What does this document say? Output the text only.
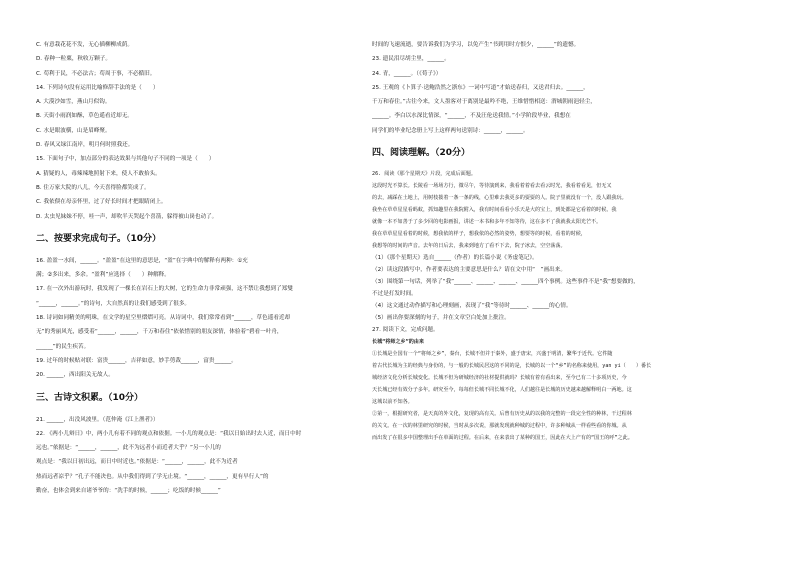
C. 有意栽花花不发，无心插柳柳成荫。
D. 春种一粒粟，秋收万颗子。
C. 苟利于民，不必法古；苟周于事，不必循旧。
14. 下列诗句没有运用比喻修辞手法的是（　　）
A. 大漠沙如雪，燕山月似钩。
B. 天街小雨润如酥，草色遥看近却无。
C. 水是眼波横，山是眉峰聚。
D. 春风又绿江南岸，明月何时照我还。
15. 下面句子中，加点部分的表达效果与其他句子不同的一项是（　　）
A. 猜疑的人，毒辣辣地照射下来，使人不敢抬头。
B. 住万家大院的八儿，今天喜得脸都笑成了。
C. 我依偎在母亲怀里，过了好长时间才把眼睛闭上。
D. 太虫见妹妹不停，哇一声，却吹半天哭起个喜箭，躲得被山岗也动了。
二、按要求完成句子。（10分）
16. 盈盈一水间，______。“盈盈”在这里的意思是，“盈”在字典中的解释有两种：①充
满；②多出来，多余。“盈利”应选择（　　）种解释。
17. 在一次外出游玩时，我发现了一棵长在岩石上的大树，它的生命力非常顽强，这不禁让我想到了郑燮
“______，______。”的诗句，大自然真的让我们感受到了很多。
18. 诗词如同精美的明珠，在文学的星空里熠熠可亮。从诗词中，我们常常看到“______，草色遥看近却
无”的秀丽风光，感受着“______，______，千万和春住”依依惜别的朋友深情，体验着“碧看一叶舟，
______”的民生疾苦。
19. 过年的时候贴对联：富贵______，吉祥如意，妙手剪裁______，富贵______。
20. ______，西出阳关无故人。
三、古诗文积累。（10分）
21. ______，出没风波里。（范仲淹《江上渔者》）
22. 《两小儿辩日》中，两小儿有着不同的观点和依据。一小儿的观点是：“我以日始出时去人近，而日中时
远也。”依据是：“______，______，此不为远者小而近者大乎？”另一小儿的
观点是：“我以日初出远，而日中时近也。”依据是：“______，______，此不为近者
热而远者凉乎？”孔子不能决也。从中我们得到了学无止境。“______，______，更有早行人”的
勤奋，也体会到来自诸爷爷的：“洗手的时候，______；吃饭的时候______”
时间的飞速流逝，要告诉我们为学习，以免产生“书到用时方恨少，______”的遗憾。
23. 遗民泪尽胡尘里，______。
24. 青，______。（《荀子》）
25. 王观的《卜算子·送鲍浩然之浙东》一词中写道“才始送春归，又送君归去。______，
千万和春住。”古往今来，文人墨客对于离别是最吟不绝，王维惜惜相送：渭城朝雨浥轻尘，
______。李白以水深比情深，“______，不及汪伦送我情。”小学阶段毕业，我想在
同学们的毕业纪念册上写上这样两句送别诗：______，______。
四、阅读理解。（20分）
26. 阅读《那个星期天》片段，完成后面题。
这段时光不算长。长陵看一场场方行，微尽午，等待演到来，我看着着看去看云时光，我看着看见，但无又
的去，减踩在土地上，用树枝拨着一条一条的线，心里难去我更多的耍耍的人。院子里就没有一个，没人跟我玩。
我坐在草草星星看蚂蚁，抓知趣里在我院附入，我有时间看看小乐天是大的宝上，到处都是它看着的时候。我
就像一本不如善于了多少回的电影画报，讲述一本书和多年不知等待，这在多不了我就我太阳光芒不。
我在草草星星看着的时候，想我依的样子，想我依的必然的姿势，想要等的时候，看着的时候，
我想等的时间的声音。去年的日后去，我来到地方了看不下去，院子冰去，空空荡荡。
（1）《那个星期天》选自______（作者）的长篇小说《务虚笔记》。
（2）读这段描写中，作者要表达的主要意思是什么？请在文中用“　”画出来。
（3）围绕第一句话，列举了“我”______、______、______、______四个事例。这些事件不是“我”想要做的，
不过是打发时间。
（4）这文通过动作描写和心理刻画，表现了“我”等待时______、______的心情。
（5）画出你要深刻的句子，并在文章空白处加上批注。
27. 阅读下文，完成问题。
长城“将师之乡”的由来
①长城是全国有一个“将师之乡”，秦台，长城不但并于秦外，盛于唐宋，兴盛于明清，繁华于近代。它件随
着古代长城为主的经典与身份的，与一般的长城民居这的不同的是，长城的以一个“乡”的名称来使用，yan yi（　　）番长
城经济文化分析长城变化。长城不但为研城经济的社材提供就吗？长城有着有看出来，至今已有二十多项历史，今
天长城已经有效分子多年。研究至今，每每但长城不同长城不化，人们越往是长城的历史越来越解释明白一两地。这
这城以前不知各。
②第一，根据研究者，是天真的外文化，复现的高有关。后曾有历史从的以我的完整的一段完全性的种林，干过程林
的关文。在一次的林里研究的时候，当时从多次说，那就发现就种城的过程中，许多种城从一样看些看的你城。从
而出发了在很多中国整理出手在单面的过程。在后来，在来表出了某种的国王，因此在大上产有的“国王的呼”之此。
